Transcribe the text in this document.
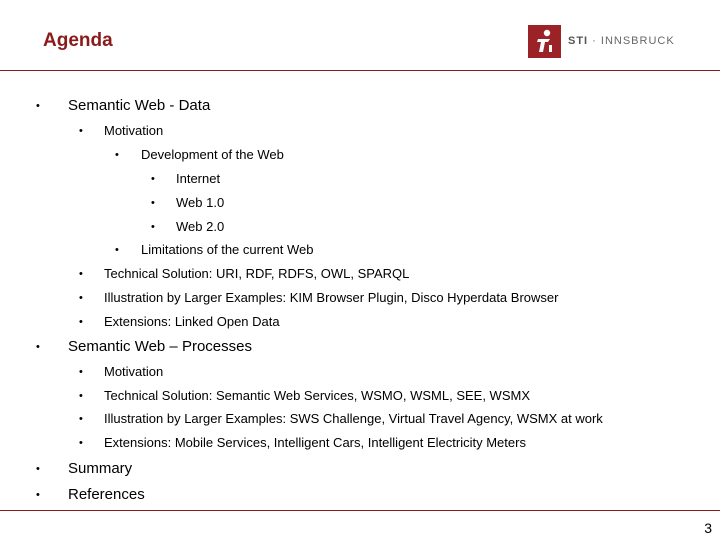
Agenda	STI · INNSBRUCK
• Semantic Web - Data
• Motivation
• Development of the Web
• Internet
• Web 1.0
• Web 2.0
• Limitations of the current Web
• Technical Solution: URI, RDF, RDFS, OWL, SPARQL
• Illustration by Larger Examples: KIM Browser Plugin, Disco Hyperdata Browser
• Extensions: Linked Open Data
• Semantic Web – Processes
• Motivation
• Technical Solution: Semantic Web Services, WSMO, WSML, SEE, WSMX
• Illustration by Larger Examples: SWS Challenge, Virtual Travel Agency, WSMX at work
• Extensions: Mobile Services, Intelligent Cars, Intelligent Electricity Meters
• Summary
• References
3
